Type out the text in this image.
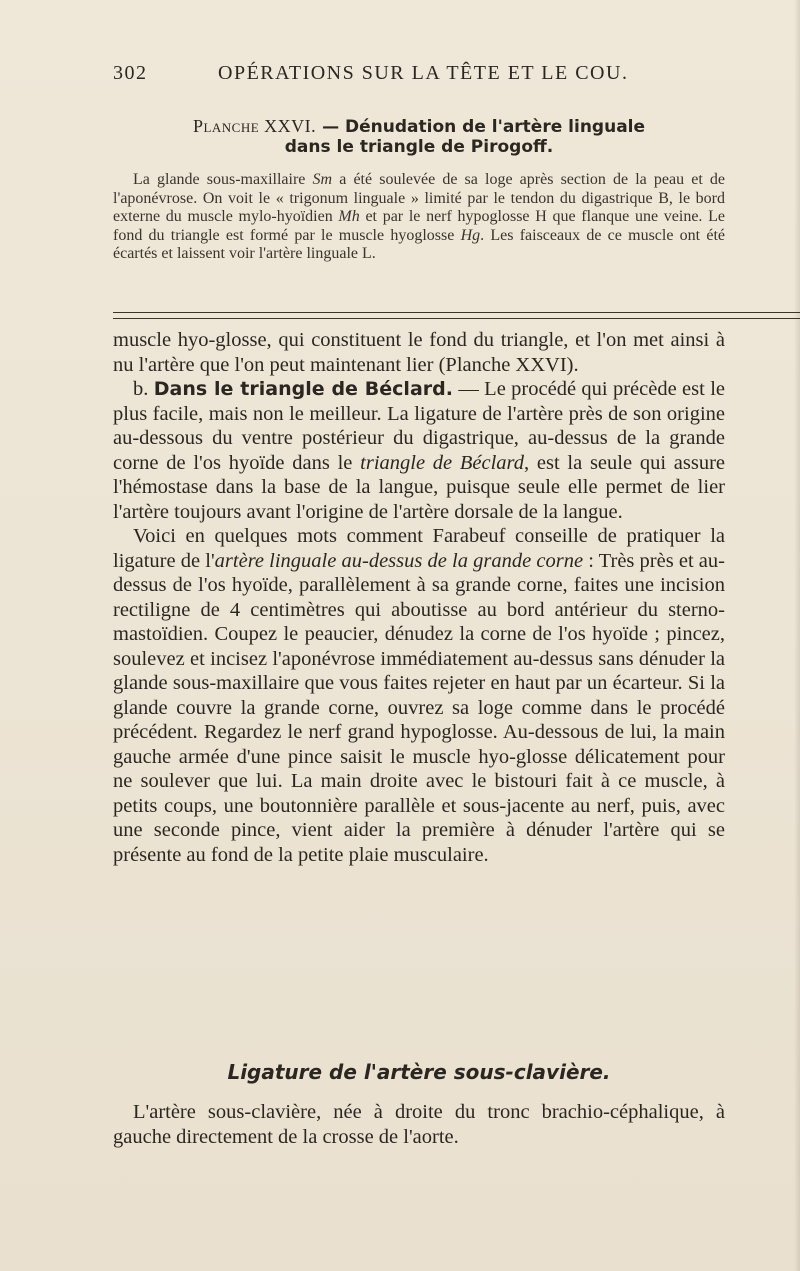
302	OPÉRATIONS SUR LA TÊTE ET LE COU.
Planche XXVI. — Dénudation de l'artère linguale
dans le triangle de Pirogoff.
La glande sous-maxillaire Sm a été soulevée de sa loge après section de la peau et de l'aponévrose. On voit le « trigonum linguale » limité par le tendon du digastrique B, le bord externe du muscle mylo-hyoïdien Mh et par le nerf hypoglosse H que flanque une veine. Le fond du triangle est formé par le muscle hyoglosse Hg. Les faisceaux de ce muscle ont été écartés et laissent voir l'artère linguale L.

muscle hyo-glosse, qui constituent le fond du triangle, et l'on met ainsi à nu l'artère que l'on peut maintenant lier (Planche XXVI).

b. Dans le triangle de Béclard. — Le procédé qui précède est le plus facile, mais non le meilleur. La ligature de l'artère près de son origine au-dessous du ventre postérieur du digastrique, au-dessus de la grande corne de l'os hyoïde dans le triangle de Béclard, est la seule qui assure l'hémostase dans la base de la langue, puisque seule elle permet de lier l'artère toujours avant l'origine de l'artère dorsale de la langue.

Voici en quelques mots comment Farabeuf conseille de pratiquer la ligature de l'artère linguale au-dessus de la grande corne : Très près et au-dessus de l'os hyoïde, parallèlement à sa grande corne, faites une incision rectiligne de 4 centimètres qui aboutisse au bord antérieur du sterno-mastoïdien. Coupez le peaucier, dénudez la corne de l'os hyoïde ; pincez, soulevez et incisez l'aponévrose immédiatement au-dessus sans dénuder la glande sous-maxillaire que vous faites rejeter en haut par un écarteur. Si la glande couvre la grande corne, ouvrez sa loge comme dans le procédé précédent. Regardez le nerf grand hypoglosse. Au-dessous de lui, la main gauche armée d'une pince saisit le muscle hyo-glosse délicatement pour ne soulever que lui. La main droite avec le bistouri fait à ce muscle, à petits coups, une boutonnière parallèle et sous-jacente au nerf, puis, avec une seconde pince, vient aider la première à dénuder l'artère qui se présente au fond de la petite plaie musculaire.

Ligature de l'artère sous-clavière.
L'artère sous-clavière, née à droite du tronc brachio-céphalique, à gauche directement de la crosse de l'aorte.
